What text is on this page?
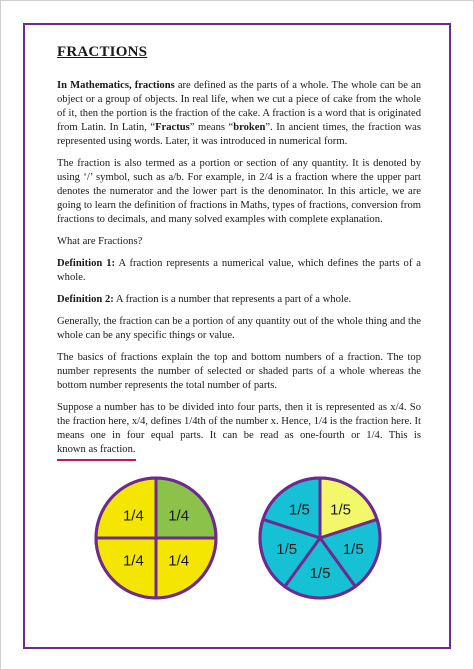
FRACTIONS

In Mathematics, fractions are defined as the parts of a whole. The whole can be an object or a group of objects. In real life, when we cut a piece of cake from the whole of it, then the portion is the fraction of the cake. A fraction is a word that is originated from Latin. In Latin, “Fractus” means “broken”. In ancient times, the fraction was represented using words. Later, it was introduced in numerical form.

The fraction is also termed as a portion or section of any quantity. It is denoted by using ‘/’ symbol, such as a/b. For example, in 2/4 is a fraction where the upper part denotes the numerator and the lower part is the denominator. In this article, we are going to learn the definition of fractions in Maths, types of fractions, conversion from fractions to decimals, and many solved examples with complete explanation.

What are Fractions?

Definition 1: A fraction represents a numerical value, which defines the parts of a whole.

Definition 2: A fraction is a number that represents a part of a whole.

Generally, the fraction can be a portion of any quantity out of the whole thing and the whole can be any specific things or value.

The basics of fractions explain the top and bottom numbers of a fraction. The top number represents the number of selected or shaded parts of a whole whereas the bottom number represents the total number of parts.

Suppose a number has to be divided into four parts, then it is represented as x/4. So the fraction here, x/4, defines 1/4th of the number x. Hence, 1/4 is the fraction here. It means one in four equal parts. It can be read as one-fourth or 1/4. This is known as fraction.

1/4 1/4
1/4
1/4
1/5 1/5
1/5
1/5
1/5
